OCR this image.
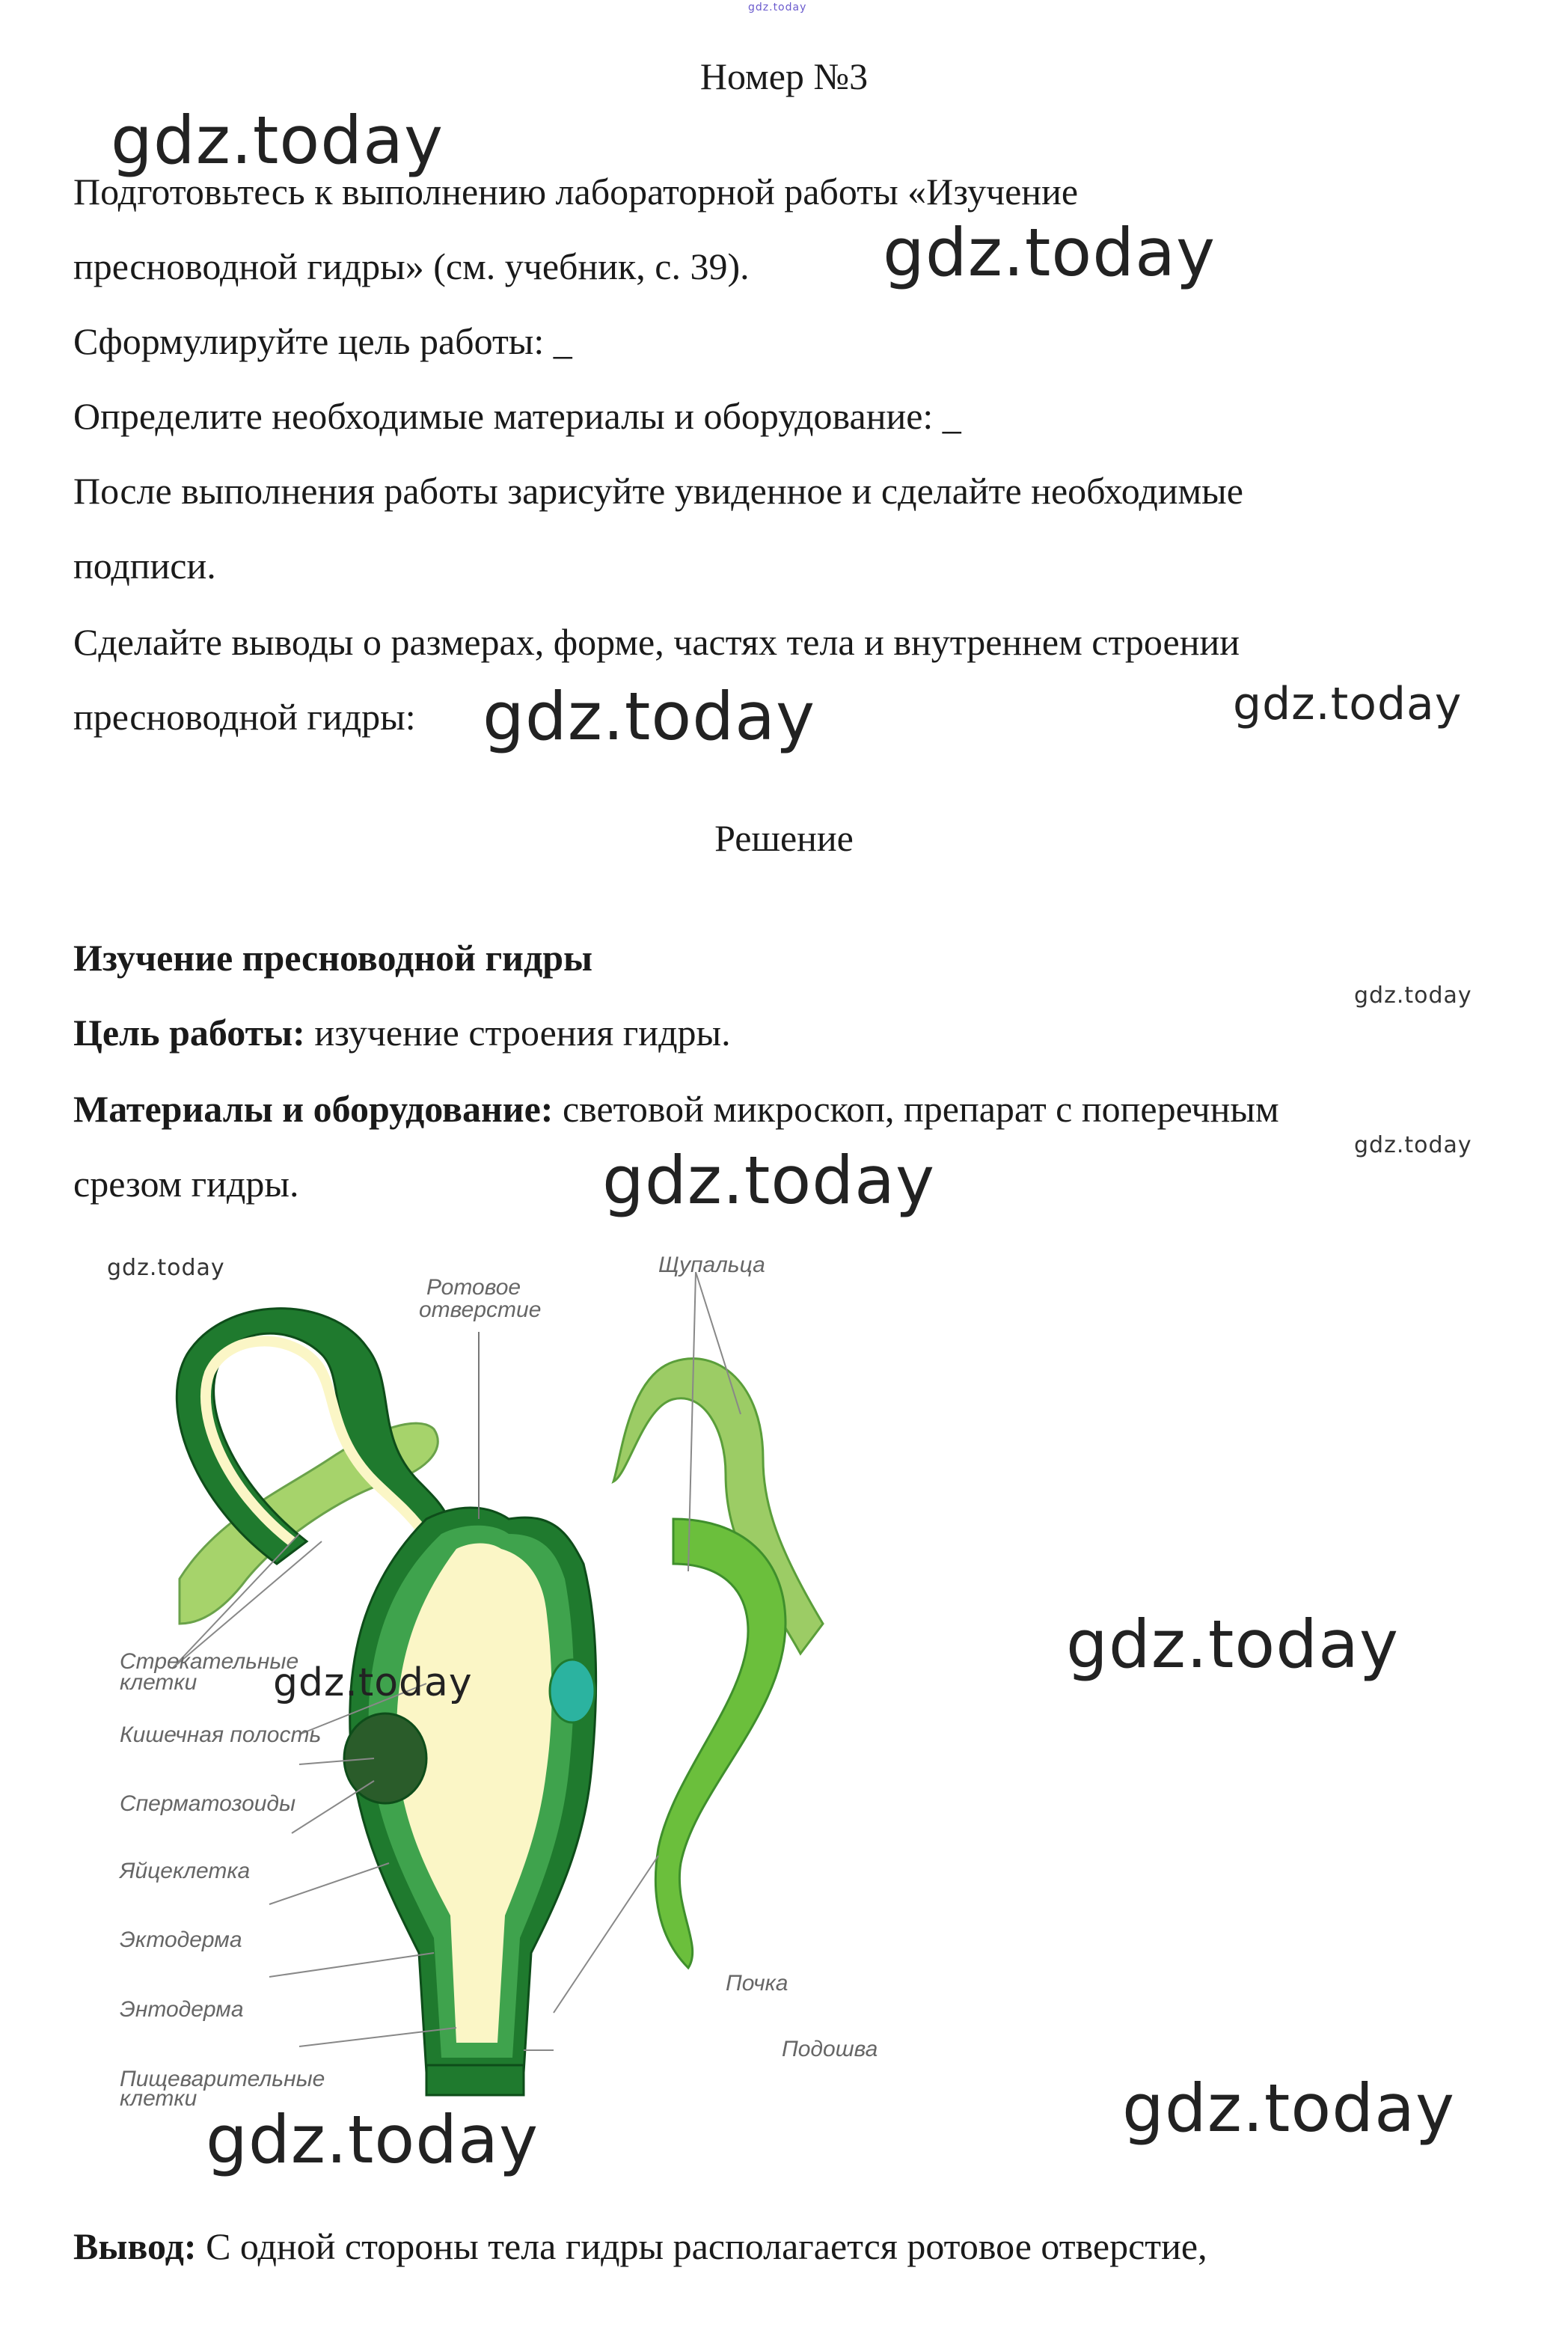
gdz.today
Номер №3
Подготовьтесь к выполнению лабораторной работы «Изучение
пресноводной гидры» (см. учебник, с. 39).
Сформулируйте цель работы: _
Определите необходимые материалы и оборудование: _
После выполнения работы зарисуйте увиденное и сделайте необходимые
подписи.
Сделайте выводы о размерах, форме, частях тела и внутреннем строении
пресноводной гидры:
Решение
Изучение пресноводной гидры
Цель работы: изучение строения гидры.
Материалы и оборудование: световой микроскоп, препарат с поперечным
срезом гидры.
Ротовое
отверстие
Щупальца
Стрекательные
клетки
Кишечная полость
Сперматозоиды
Яйцеклетка
Эктодерма
Энтодерма
Пищеварительные
клетки
Почка
Подошва
Вывод: С одной стороны тела гидры располагается ротовое отверстие,
gdz.today
gdz.today
gdz.today	gdz.today
gdz.today
gdz.today
gdz.today
gdz.today
gdz.today
gdz.today
gdz.today
gdz.today
